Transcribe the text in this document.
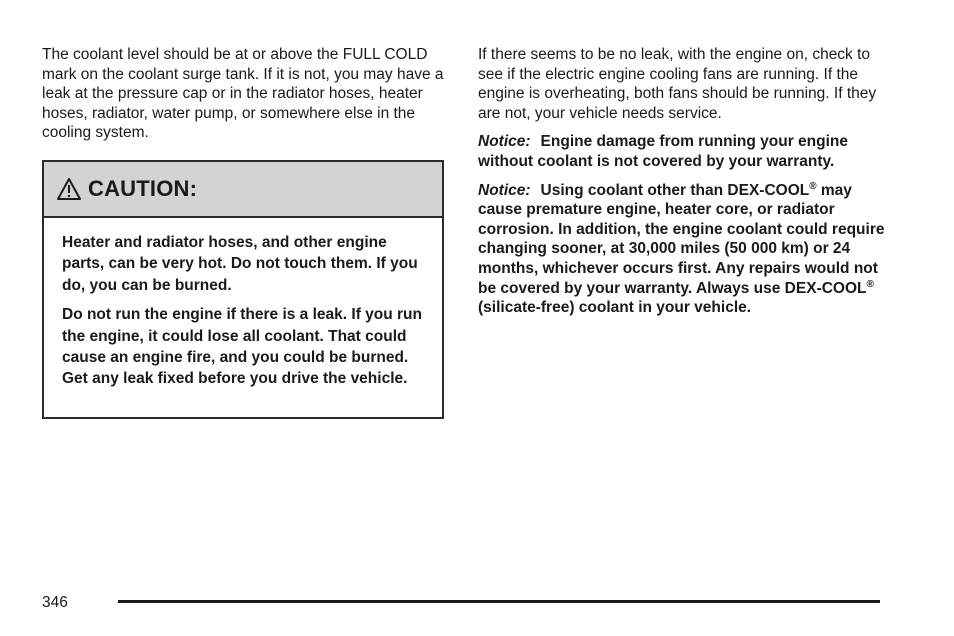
The coolant level should be at or above the FULL COLD mark on the coolant surge tank. If it is not, you may have a leak at the pressure cap or in the radiator hoses, heater hoses, radiator, water pump, or somewhere else in the cooling system.

CAUTION:

Heater and radiator hoses, and other engine parts, can be very hot. Do not touch them. If you do, you can be burned.

Do not run the engine if there is a leak. If you run the engine, it could lose all coolant. That could cause an engine fire, and you could be burned. Get any leak fixed before you drive the vehicle.

If there seems to be no leak, with the engine on, check to see if the electric engine cooling fans are running. If the engine is overheating, both fans should be running. If they are not, your vehicle needs service.

Notice: Engine damage from running your engine without coolant is not covered by your warranty.

Notice: Using coolant other than DEX-COOL® may cause premature engine, heater core, or radiator corrosion. In addition, the engine coolant could require changing sooner, at 30,000 miles (50 000 km) or 24 months, whichever occurs first. Any repairs would not be covered by your warranty. Always use DEX-COOL® (silicate-free) coolant in your vehicle.

346
